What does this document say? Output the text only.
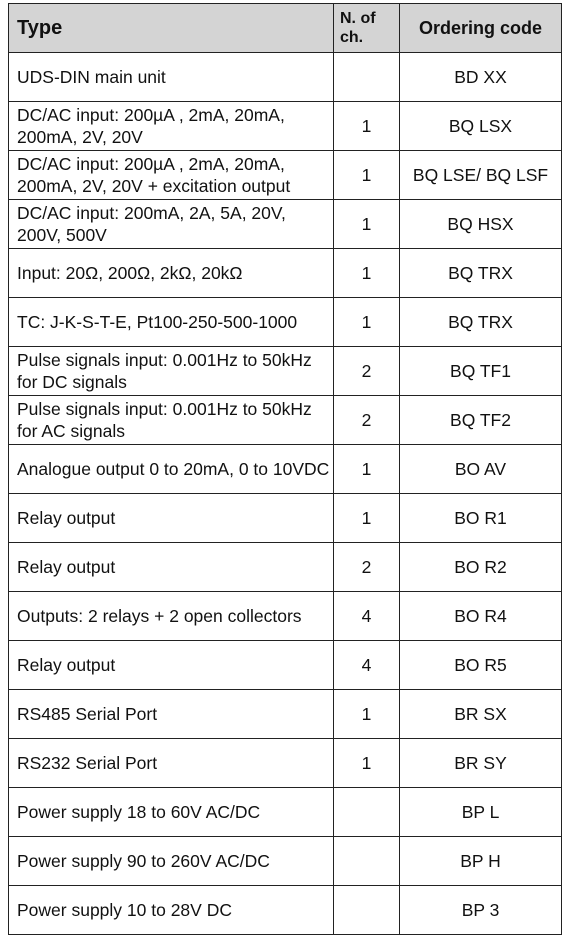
Type	N. of ch.	Ordering code
UDS-DIN main unit		BD XX
DC/AC input: 200µA , 2mA, 20mA, 200mA, 2V, 20V	1	BQ LSX
DC/AC input: 200µA , 2mA, 20mA, 200mA, 2V, 20V + excitation output	1	BQ LSE/ BQ LSF
DC/AC input: 200mA, 2A, 5A, 20V, 200V, 500V	1	BQ HSX
Input: 20Ω, 200Ω, 2kΩ, 20kΩ	1	BQ TRX
TC: J-K-S-T-E, Pt100-250-500-1000	1	BQ TRX
Pulse signals input: 0.001Hz to 50kHz for DC signals	2	BQ TF1
Pulse signals input: 0.001Hz to 50kHz for AC signals	2	BQ TF2
Analogue output 0 to 20mA, 0 to 10VDC	1	BO AV
Relay output	1	BO R1
Relay output	2	BO R2
Outputs: 2 relays + 2 open collectors	4	BO R4
Relay output	4	BO R5
RS485 Serial Port	1	BR SX
RS232 Serial Port	1	BR SY
Power supply 18 to 60V AC/DC		BP L
Power supply 90 to 260V AC/DC		BP H
Power supply 10 to 28V DC		BP 3
